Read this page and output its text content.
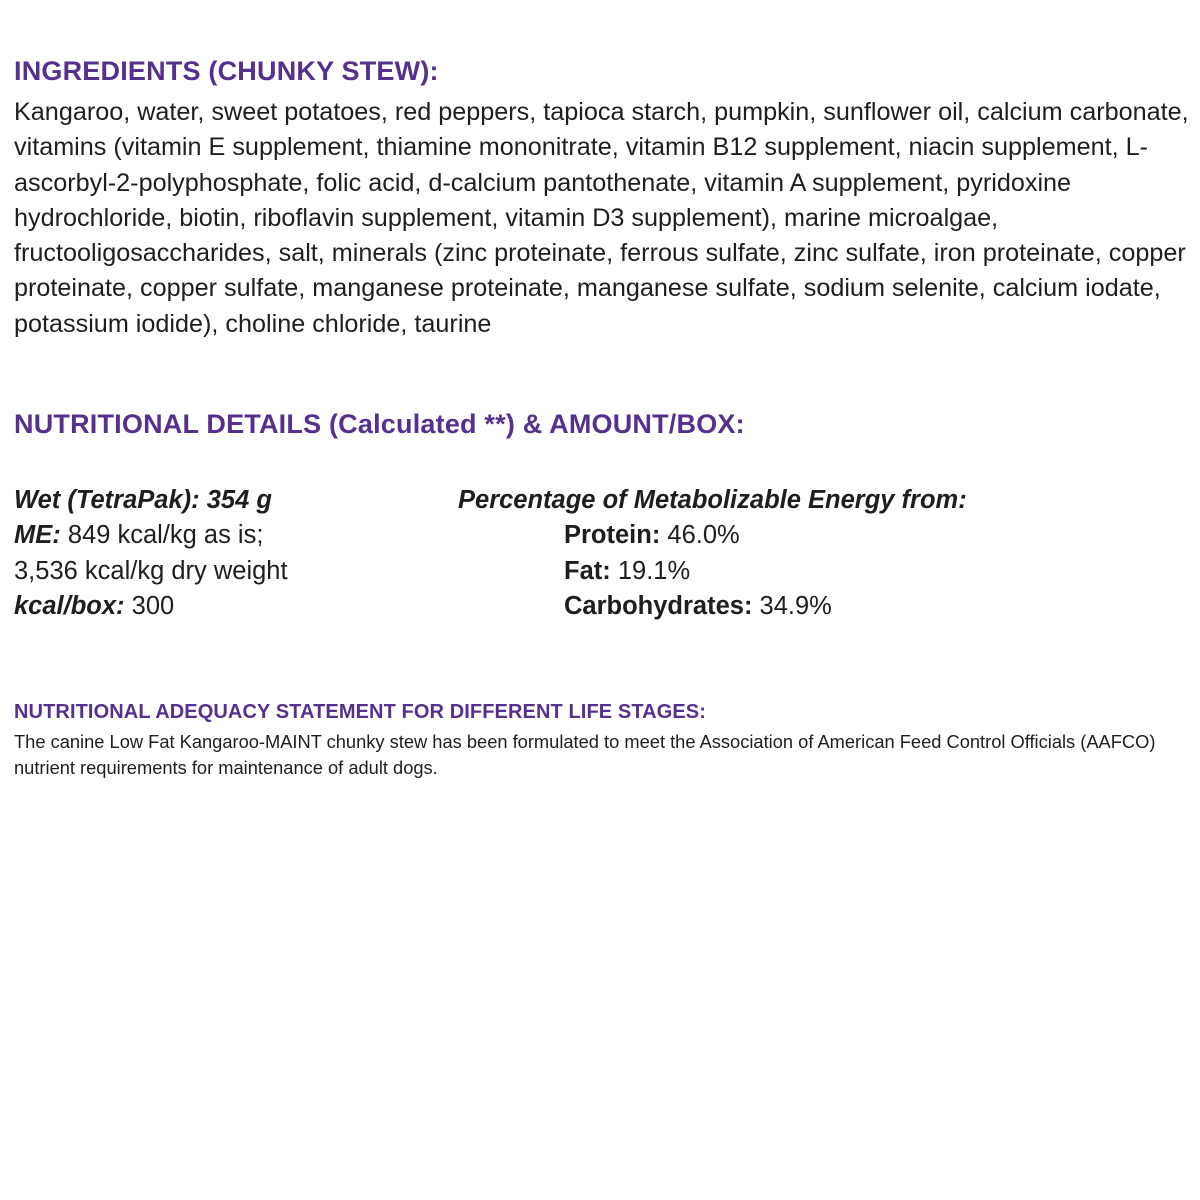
INGREDIENTS (CHUNKY STEW):

Kangaroo, water, sweet potatoes, red peppers, tapioca starch, pumpkin, sunflower oil, calcium carbonate, vitamins (vitamin E supplement, thiamine mononitrate, vitamin B12 supplement, niacin supplement, L-ascorbyl-2-polyphosphate, folic acid, d-calcium pantothenate, vitamin A supplement, pyridoxine hydrochloride, biotin, riboflavin supplement, vitamin D3 supplement), marine microalgae, fructooligosaccharides, salt, minerals (zinc proteinate, ferrous sulfate, zinc sulfate, iron proteinate, copper proteinate, copper sulfate, manganese proteinate, manganese sulfate, sodium selenite, calcium iodate, potassium iodide), choline chloride, taurine

NUTRITIONAL DETAILS (Calculated **) & AMOUNT/BOX:

Wet (TetraPak): 354 g

ME: 849 kcal/kg as is;

3,536 kcal/kg dry weight

kcal/box: 300

Percentage of Metabolizable Energy from:

Protein: 46.0%

Fat: 19.1%

Carbohydrates: 34.9%

NUTRITIONAL ADEQUACY STATEMENT FOR DIFFERENT LIFE STAGES:

The canine Low Fat Kangaroo-MAINT chunky stew has been formulated to meet the Association of American Feed Control Officials (AAFCO) nutrient requirements for maintenance of adult dogs.
